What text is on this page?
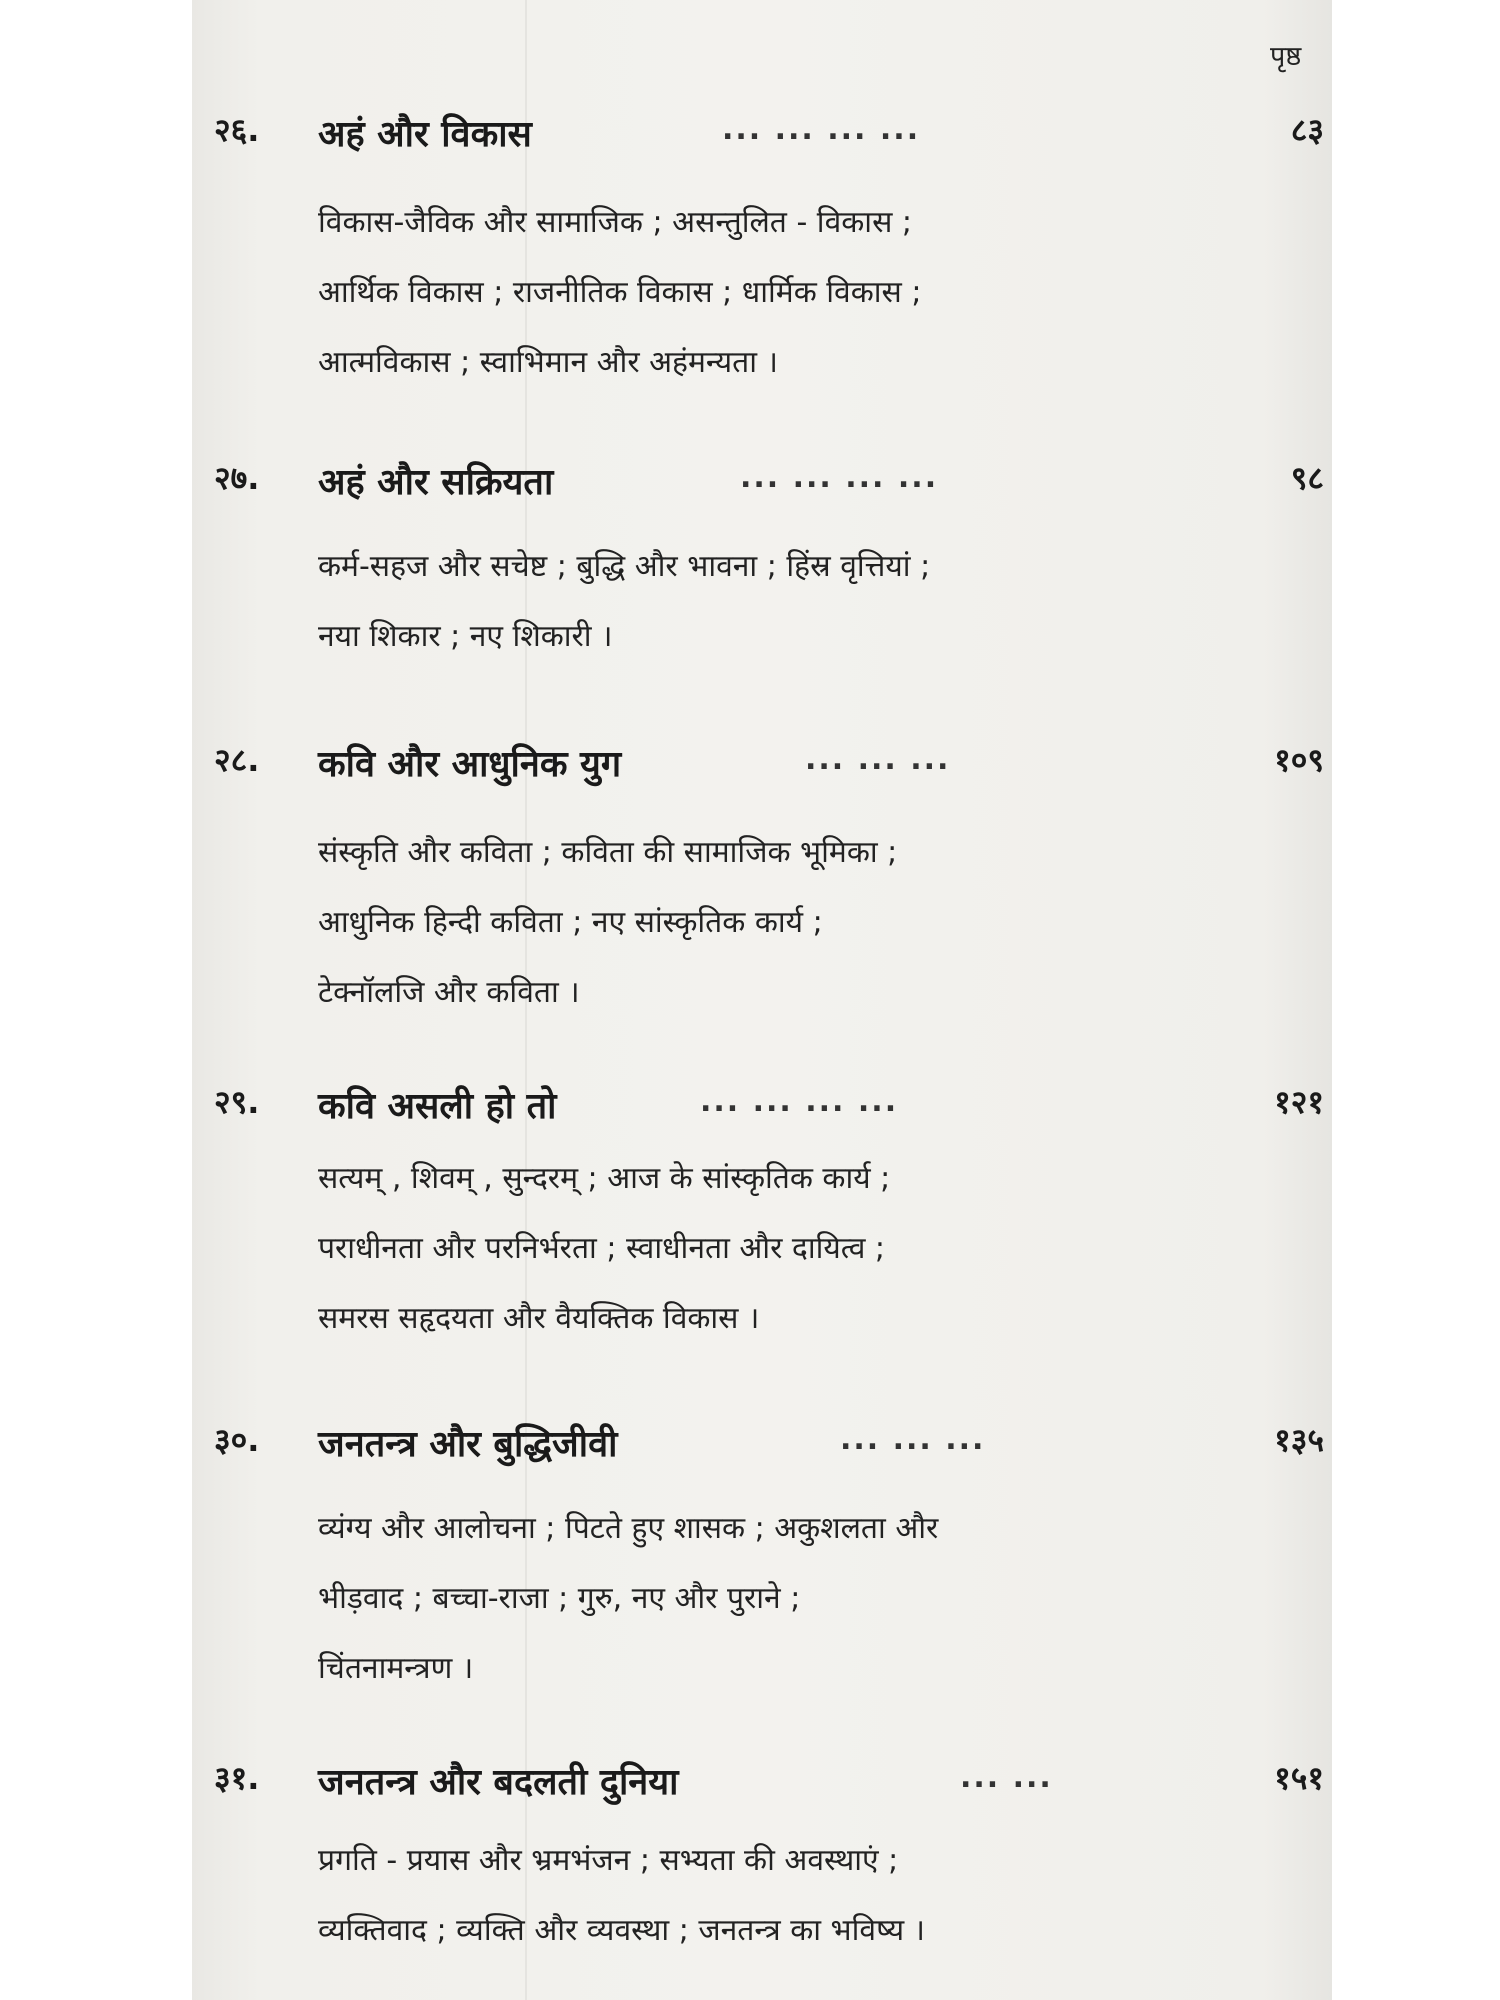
पृष्ठ
२६. अहं और विकास	... ... ... ...	८३
विकास-जैविक और सामाजिक ; असन्तुलित - विकास ;
आर्थिक विकास ; राजनीतिक विकास ; धार्मिक विकास ;
आत्मविकास ; स्वाभिमान और अहंमन्यता ।
२७. अहं और सक्रियता	... ... ... ...	९८
कर्म-सहज और सचेष्ट ; बुद्धि और भावना ; हिंस्र वृत्तियां ;
नया शिकार ; नए शिकारी ।
२८. कवि और आधुनिक युग	... ... ...	१०९
संस्कृति और कविता ; कविता की सामाजिक भूमिका ;
आधुनिक हिन्दी कविता ; नए सांस्कृतिक कार्य ;
टेक्नॉलजि और कविता ।
२९. कवि असली हो तो	... ... ... ...	१२१
सत्यम् , शिवम् , सुन्दरम् ; आज के सांस्कृतिक कार्य ;
पराधीनता और परनिर्भरता ; स्वाधीनता और दायित्व ;
समरस सहृदयता और वैयक्तिक विकास ।
३०. जनतन्त्र और बुद्धिजीवी	... ... ...	१३५
व्यंग्य और आलोचना ; पिटते हुए शासक ; अकुशलता और
भीड़वाद ; बच्चा-राजा ; गुरु, नए और पुराने ;
चिंतनामन्त्रण ।
३१. जनतन्त्र और बदलती दुनिया	... ...	१५१
प्रगति - प्रयास और भ्रमभंजन ; सभ्यता की अवस्थाएं ;
व्यक्तिवाद ; व्यक्ति और व्यवस्था ; जनतन्त्र का भविष्य ।
